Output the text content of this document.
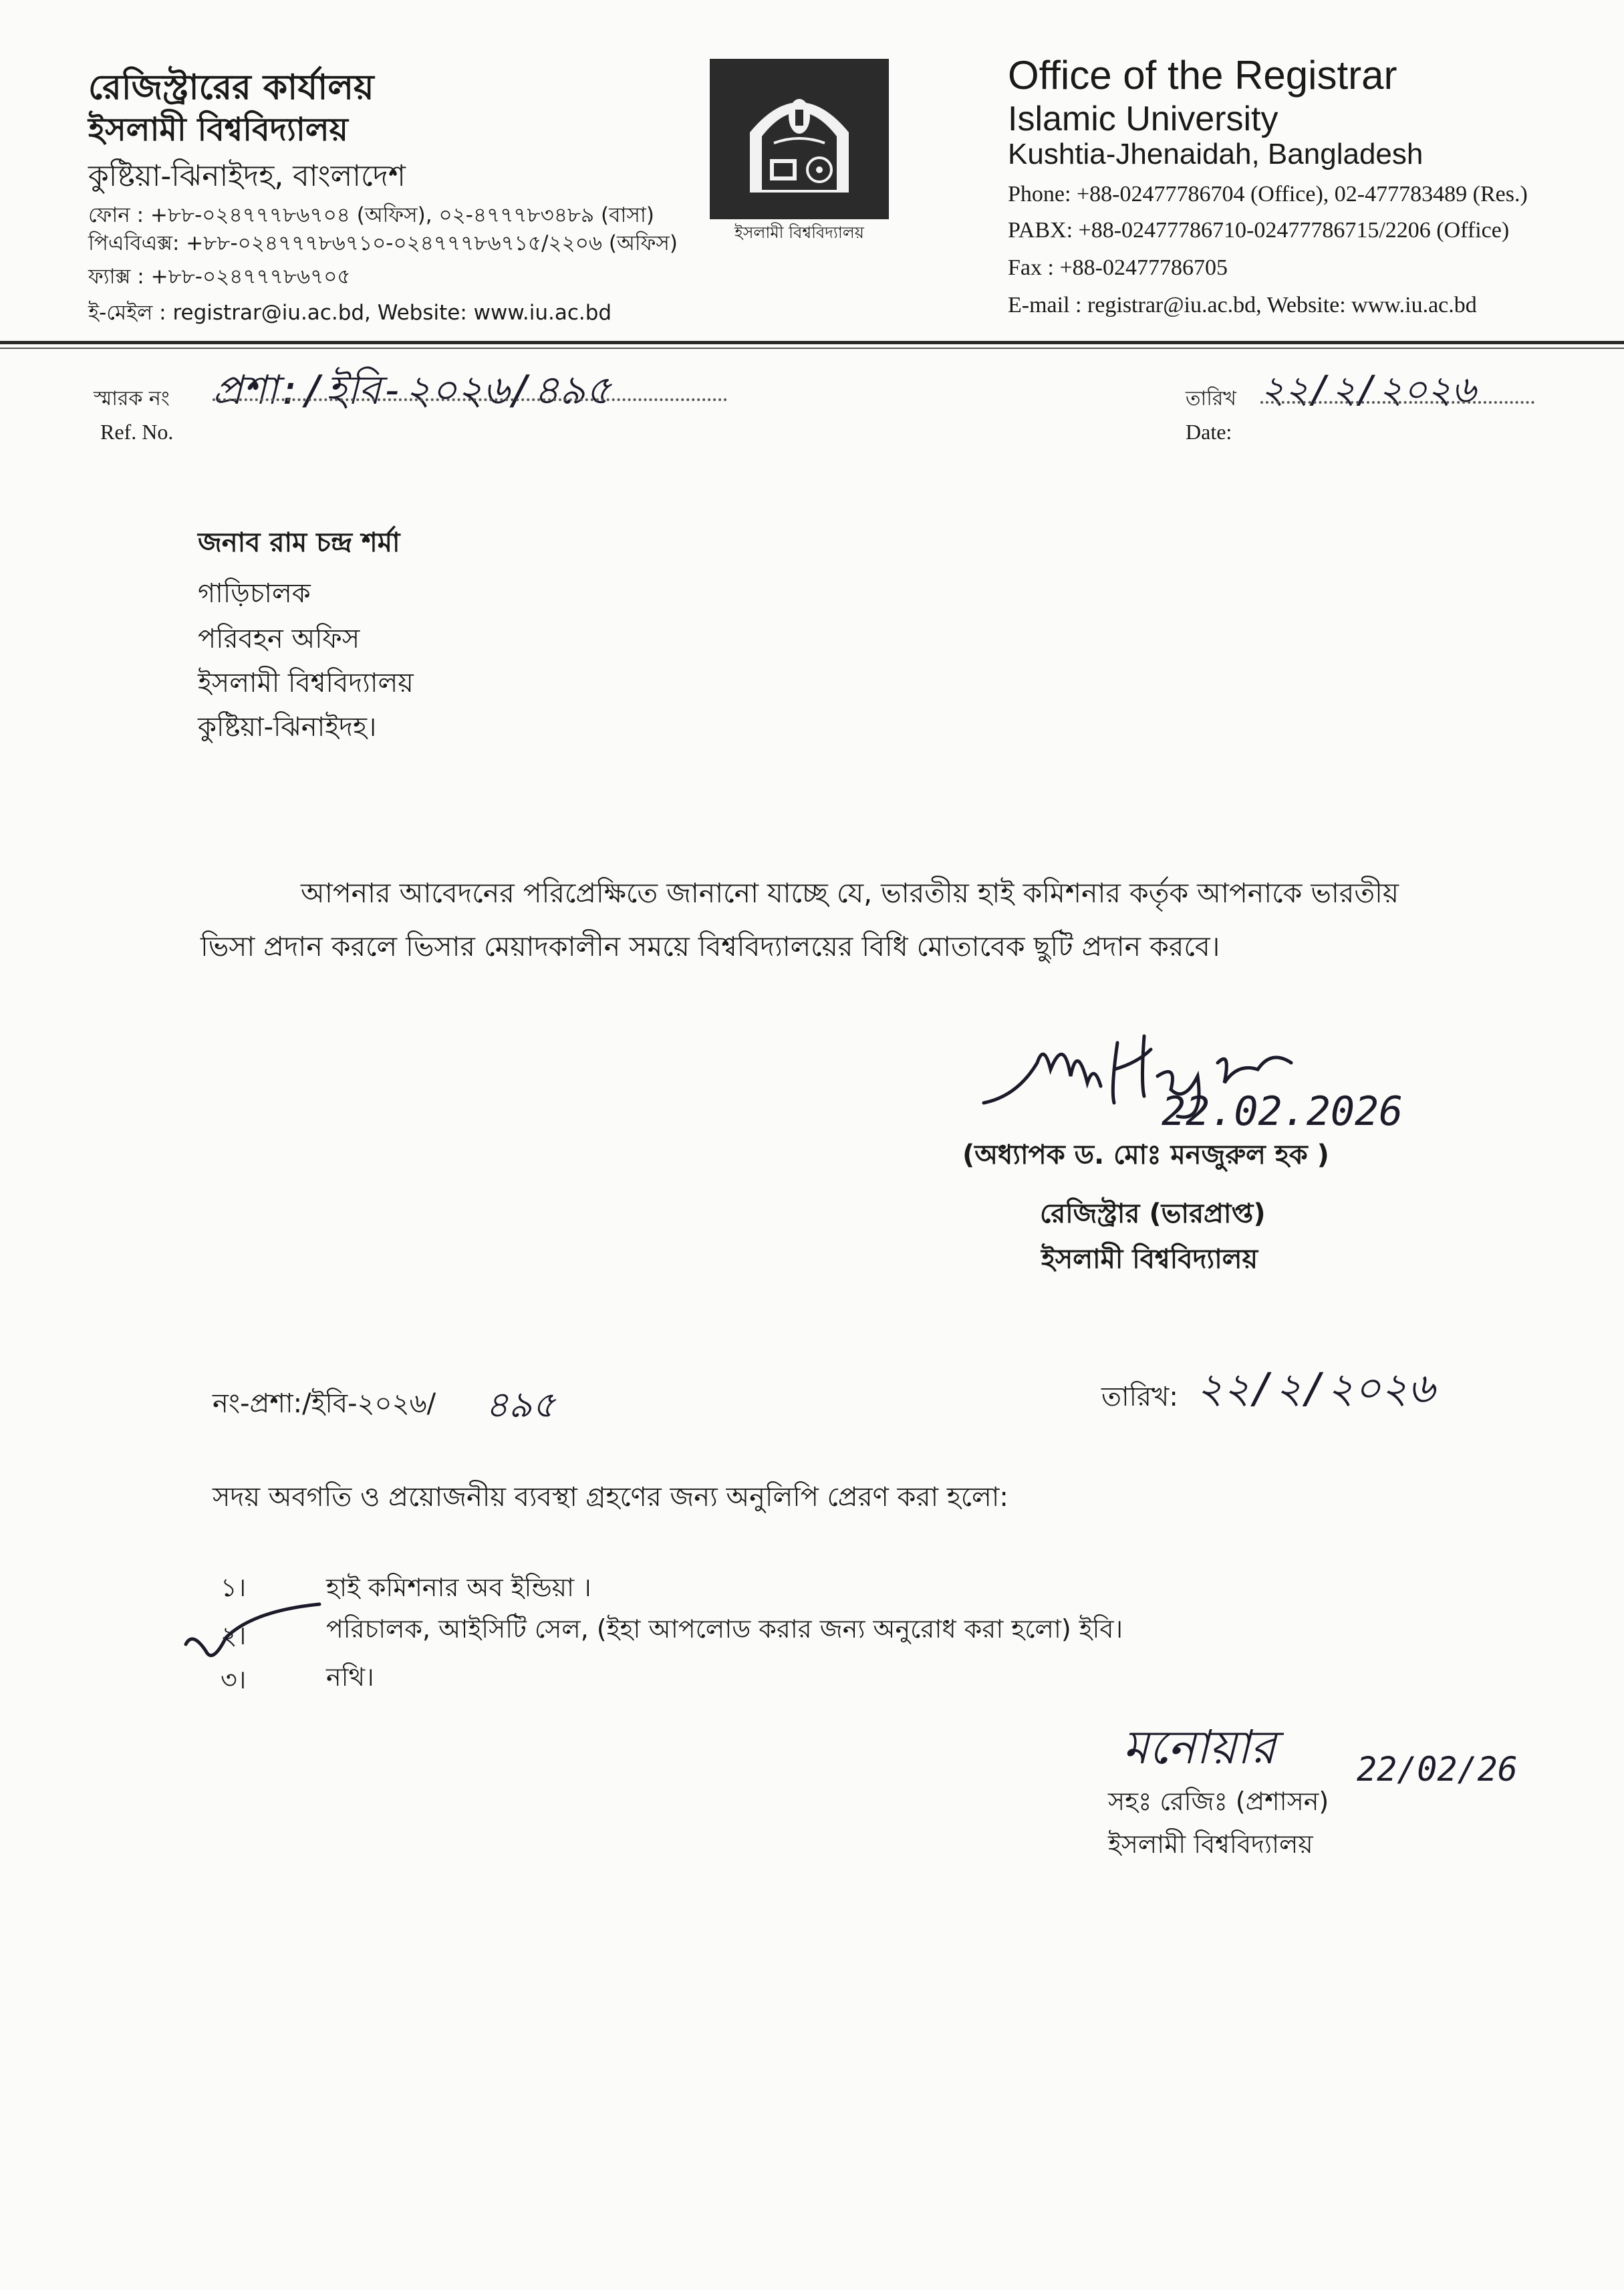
রেজিস্ট্রারের কার্যালয়
ইসলামী বিশ্ববিদ্যালয়
কুষ্টিয়া-ঝিনাইদহ, বাংলাদেশ
ফোন : +৮৮-০২৪৭৭৭৮৬৭০৪ (অফিস), ০২-৪৭৭৭৮৩৪৮৯ (বাসা)
পিএবিএক্স: +৮৮-০২৪৭৭৭৮৬৭১০-০২৪৭৭৭৮৬৭১৫/২২০৬ (অফিস)
ফ্যাক্স : +৮৮-০২৪৭৭৭৮৬৭০৫
ই-মেইল : registrar@iu.ac.bd, Website: www.iu.ac.bd
ইসলামী বিশ্ববিদ্যালয়
Office of the Registrar
Islamic University
Kushtia-Jhenaidah, Bangladesh
Phone: +88-02477786704 (Office), 02-477783489 (Res.)
PABX: +88-02477786710-02477786715/2206 (Office)
Fax : +88-02477786705
E-mail : registrar@iu.ac.bd, Website: www.iu.ac.bd
স্মারক নং
Ref. No.
প্রশা:/ইবি-২০২৬/৪৯৫	তারিখ
Date:
২২/২/২০২৬
জনাব রাম চন্দ্র শর্মা
গাড়িচালক
পরিবহন অফিস
ইসলামী বিশ্ববিদ্যালয়
কুষ্টিয়া-ঝিনাইদহ।
আপনার আবেদনের পরিপ্রেক্ষিতে জানানো যাচ্ছে যে, ভারতীয় হাই কমিশনার কর্তৃক আপনাকে ভারতীয়
ভিসা প্রদান করলে ভিসার মেয়াদকালীন সময়ে বিশ্ববিদ্যালয়ের বিধি মোতাবেক ছুটি প্রদান করবে।
22.02.2026
(অধ্যাপক ড. মোঃ মনজুরুল হক )
রেজিস্ট্রার (ভারপ্রাপ্ত)
ইসলামী বিশ্ববিদ্যালয়
নং-প্রশা:/ইবি-২০২৬/ ৪৯৫	তারিখ: ২২/২/২০২৬
সদয় অবগতি ও প্রয়োজনীয় ব্যবস্থা গ্রহণের জন্য অনুলিপি প্রেরণ করা হলো:
১।	হাই কমিশনার অব ইন্ডিয়া ।
২।	পরিচালক, আইসিটি সেল, (ইহা আপলোড করার জন্য অনুরোধ করা হলো) ইবি।
৩।	নথি।
মনোয়ার 22/02/26
সহঃ রেজিঃ (প্রশাসন)
ইসলামী বিশ্ববিদ্যালয়
